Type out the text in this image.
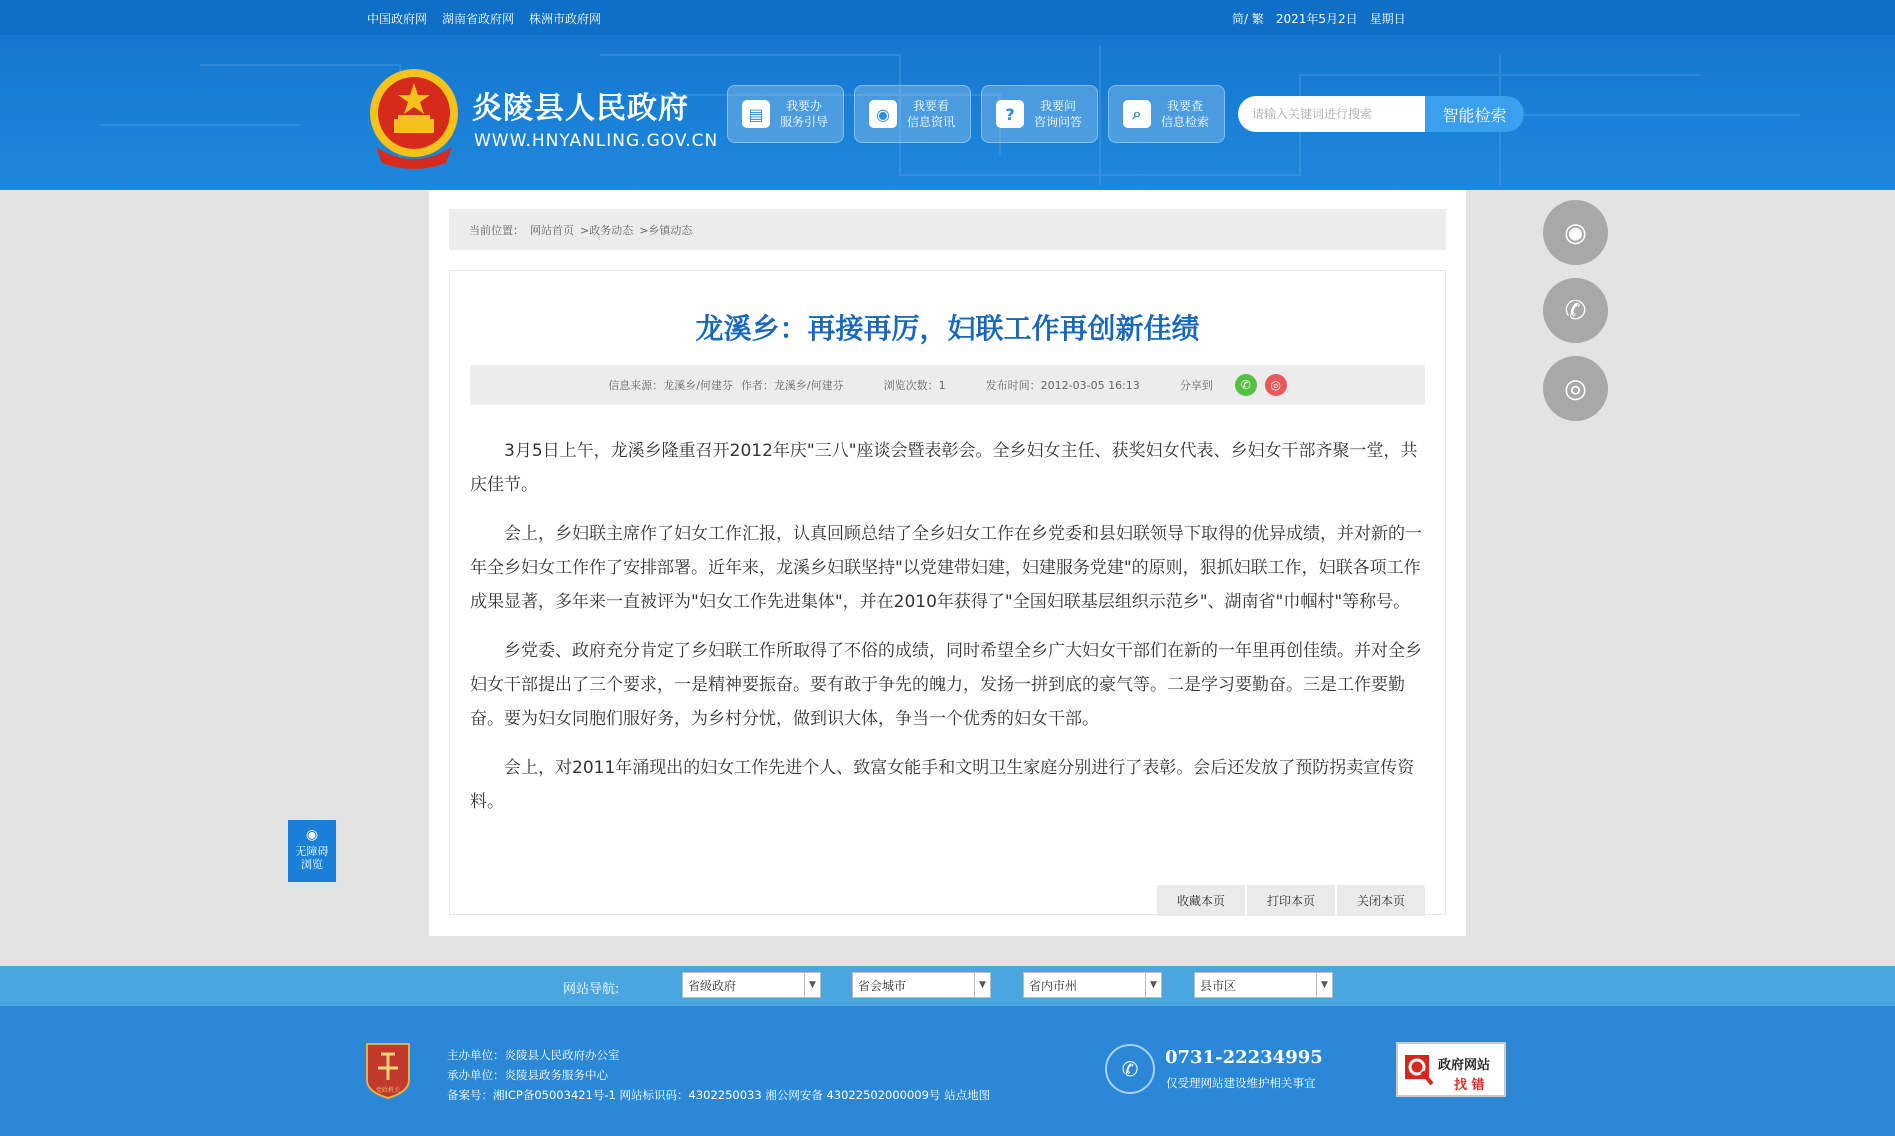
中国政府网 湖南省政府网 株洲市政府网	简/ 繁 2021年5月2日 星期日
炎陵县人民政府
WWW.HNYANLING.GOV.CN
▤	我要办
服务引导	◉	我要看
信息资讯	?	我要问
咨询问答	⌕	我要查
信息检索
请输入关键词进行搜索	智能检索
当前位置： 网站首页 >政务动态 >乡镇动态
龙溪乡：再接再厉，妇联工作再创新佳绩
信息来源：龙溪乡/何建芬 作者：龙溪乡/何建芬	浏览次数：1	发布时间：2012-03-05 16:13	分享到	✆	◎

3月5日上午，龙溪乡隆重召开2012年庆"三八"座谈会暨表彰会。全乡妇女主任、获奖妇女代表、乡妇女干部齐聚一堂，共庆佳节。

会上，乡妇联主席作了妇女工作汇报，认真回顾总结了全乡妇女工作在乡党委和县妇联领导下取得的优异成绩，并对新的一年全乡妇女工作作了安排部署。近年来，龙溪乡妇联坚持"以党建带妇建，妇建服务党建"的原则，狠抓妇联工作，妇联各项工作成果显著，多年来一直被评为"妇女工作先进集体"，并在2010年获得了"全国妇联基层组织示范乡"、湖南省"巾帼村"等称号。

乡党委、政府充分肯定了乡妇联工作所取得了不俗的成绩，同时希望全乡广大妇女干部们在新的一年里再创佳绩。并对全乡妇女干部提出了三个要求，一是精神要振奋。要有敢于争先的魄力，发扬一拼到底的豪气等。二是学习要勤奋。三是工作要勤奋。要为妇女同胞们服好务，为乡村分忧，做到识大体，争当一个优秀的妇女干部。

会上，对2011年涌现出的妇女工作先进个人、致富女能手和文明卫生家庭分别进行了表彰。会后还发放了预防拐卖宣传资料。

收藏本页	打印本页	关闭本页
◉
✆
◎
◉
无障碍
浏览
网站导航:	省级政府	▼	省会城市	▼	省内市州	▼	县市区	▼
党政机关
主办单位：炎陵县人民政府办公室
承办单位：炎陵县政务服务中心
备案号：湘ICP备05003421号-1 网站标识码：4302250033 湘公网安备 43022502000009号 站点地图
✆	0731-22234995
仅受理网站建设维护相关事宜
政府网站
找 错
